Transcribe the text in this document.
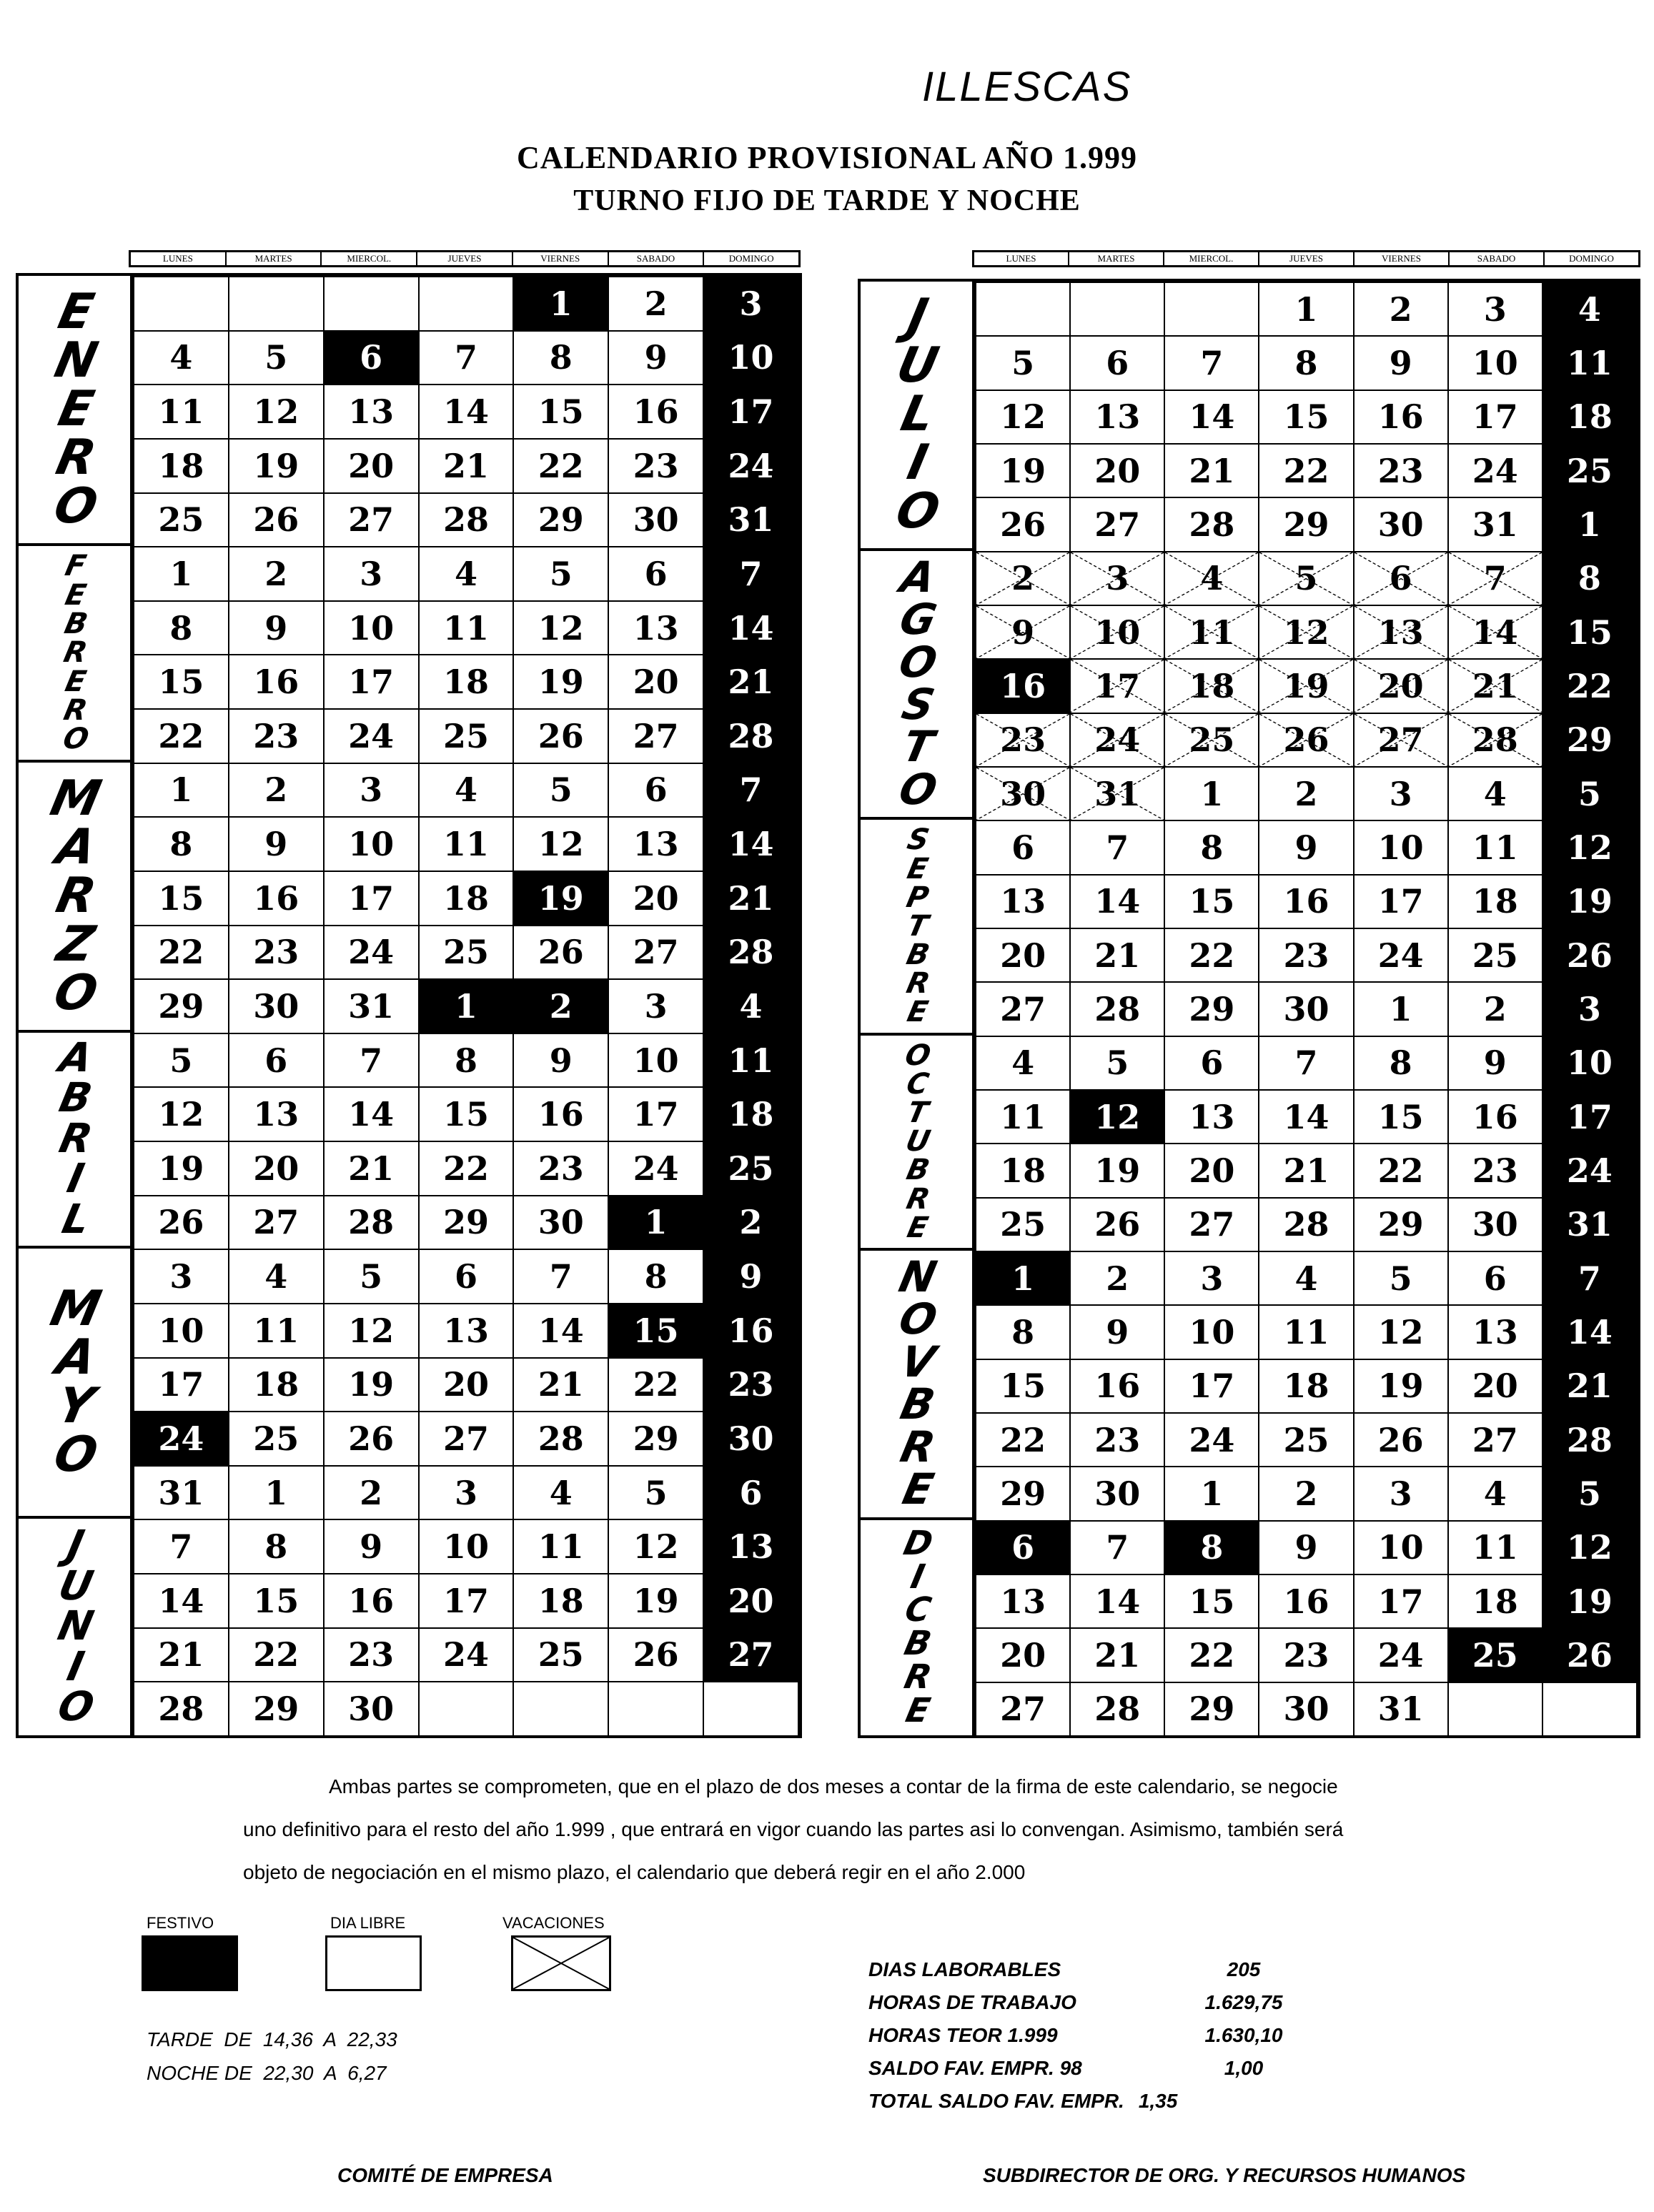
ILLESCAS
CALENDARIO PROVISIONAL AÑO 1.999
TURNO FIJO DE TARDE Y NOCHE
LUNES	MARTES	MIERCOL.	JUEVES	VIERNES	SABADO	DOMINGO	LUNES	MARTES	MIERCOL.	JUEVES	VIERNES	SABADO	DOMINGO
E
N
E
R
O
F
E
B
R
E
R
O
M
A
R
Z
O
A
B
R
I
L
M
A
Y
O
J
U
N
I
O
				1	2	3
4	5	6	7	8	9	10
11	12	13	14	15	16	17
18	19	20	21	22	23	24
25	26	27	28	29	30	31
1	2	3	4	5	6	7
8	9	10	11	12	13	14
15	16	17	18	19	20	21
22	23	24	25	26	27	28
1	2	3	4	5	6	7
8	9	10	11	12	13	14
15	16	17	18	19	20	21
22	23	24	25	26	27	28
29	30	31	1	2	3	4
5	6	7	8	9	10	11
12	13	14	15	16	17	18
19	20	21	22	23	24	25
26	27	28	29	30	1	2
3	4	5	6	7	8	9
10	11	12	13	14	15	16
17	18	19	20	21	22	23
24	25	26	27	28	29	30
31	1	2	3	4	5	6
7	8	9	10	11	12	13
14	15	16	17	18	19	20
21	22	23	24	25	26	27
28	29	30				
J
U
L
I
O
A
G
O
S
T
O
S
E
P
T
B
R
E
O
C
T
U
B
R
E
N
O
V
B
R
E
D
I
C
B
R
E
			1	2	3	4
5	6	7	8	9	10	11
12	13	14	15	16	17	18
19	20	21	22	23	24	25
26	27	28	29	30	31	1

2	3	4	5	6	7	8

9	10	11	12	13	14	15
16	17	18	19	20	21	22

23	24	25	26	27	28	29

30	31	1	2	3	4	5
6	7	8	9	10	11	12
13	14	15	16	17	18	19
20	21	22	23	24	25	26
27	28	29	30	1	2	3
4	5	6	7	8	9	10
11	12	13	14	15	16	17
18	19	20	21	22	23	24
25	26	27	28	29	30	31
1	2	3	4	5	6	7
8	9	10	11	12	13	14
15	16	17	18	19	20	21
22	23	24	25	26	27	28
29	30	1	2	3	4	5
6	7	8	9	10	11	12
13	14	15	16	17	18	19
20	21	22	23	24	25	26
27	28	29	30	31		
Ambas partes se comprometen, que en el plazo de dos meses a contar de la firma de este calendario, se negocie
uno definitivo para el resto del año 1.999 , que entrará en vigor cuando las partes asi lo convengan. Asimismo, también será
objeto de negociación en el mismo plazo, el calendario que deberá regir en el año 2.000
FESTIVO	DIA LIBRE	VACACIONES
TARDE  DE  14,36  A  22,33
NOCHE DE  22,30  A  6,27
DIAS LABORABLES	205
HORAS DE TRABAJO	1.629,75
HORAS TEOR 1.999	1.630,10
SALDO FAV. EMPR. 98	1,00
TOTAL SALDO FAV. EMPR. 1,35
COMITÉ DE EMPRESA	SUBDIRECTOR DE ORG. Y RECURSOS HUMANOS
